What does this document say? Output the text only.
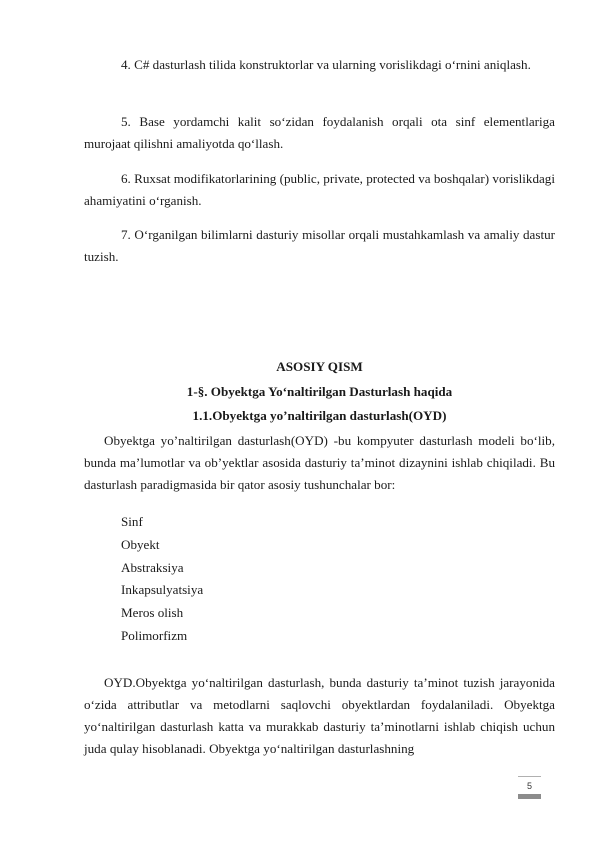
4. C# dasturlash tilida konstruktorlar va ularning vorislikdagi o‘rnini aniqlash.

5. Base yordamchi kalit so‘zidan foydalanish orqali ota sinf elementlariga murojaat qilishni amaliyotda qo‘llash.

6. Ruxsat modifikatorlarining (public, private, protected va boshqalar) vorislikdagi ahamiyatini o‘rganish.

7. O‘rganilgan bilimlarni dasturiy misollar orqali mustahkamlash va amaliy dastur tuzish.

ASOSIY QISM
1-§. Obyektga Yo‘naltirilgan Dasturlash haqida
1.1.Obyektga yo’naltirilgan dasturlash(OYD)

Obyektga yo’naltirilgan dasturlash(OYD) -bu kompyuter dasturlash modeli bo‘lib, bunda ma’lumotlar va ob’yektlar asosida dasturiy ta’minot dizaynini ishlab chiqiladi. Bu dasturlash paradigmasida bir qator asosiy tushunchalar bor:

Sinf
Obyekt
Abstraksiya
Inkapsulyatsiya
Meros olish
Polimorfizm

OYD.Obyektga yo‘naltirilgan dasturlash, bunda dasturiy ta’minot tuzish jarayonida o‘zida attributlar va metodlarni saqlovchi obyektlardan foydalaniladi. Obyektga yo‘naltirilgan dasturlash katta va murakkab dasturiy ta’minotlarni ishlab chiqish uchun juda qulay hisoblanadi. Obyektga yo‘naltirilgan dasturlashning

5
